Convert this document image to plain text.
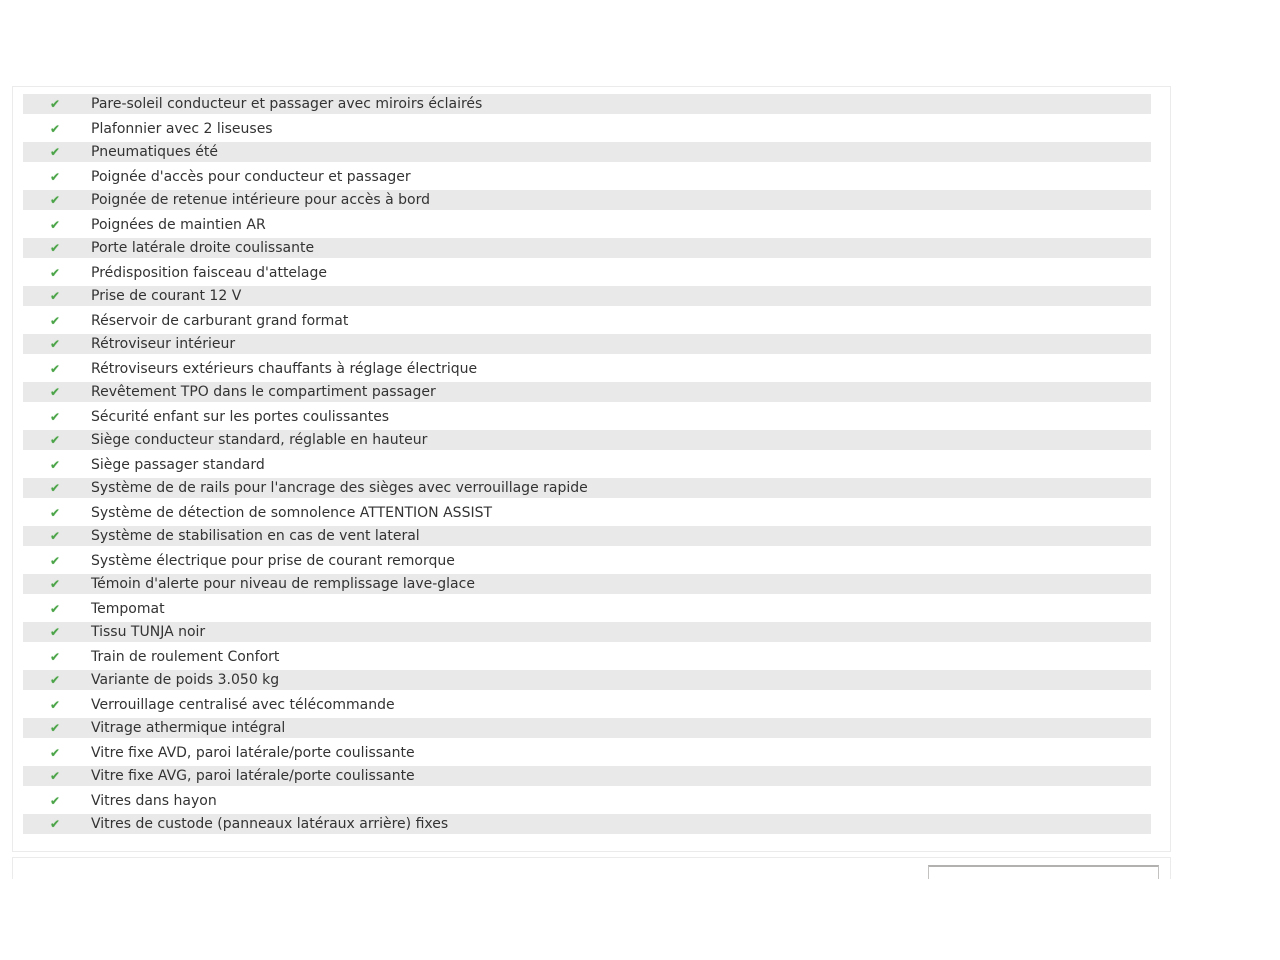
✔ Pare-soleil conducteur et passager avec miroirs éclairés
✔ Plafonnier avec 2 liseuses
✔ Pneumatiques été
✔ Poignée d'accès pour conducteur et passager
✔ Poignée de retenue intérieure pour accès à bord
✔ Poignées de maintien AR
✔ Porte latérale droite coulissante
✔ Prédisposition faisceau d'attelage
✔ Prise de courant 12 V
✔ Réservoir de carburant grand format
✔ Rétroviseur intérieur
✔ Rétroviseurs extérieurs chauffants à réglage électrique
✔ Revêtement TPO dans le compartiment passager
✔ Sécurité enfant sur les portes coulissantes
✔ Siège conducteur standard, réglable en hauteur
✔ Siège passager standard
✔ Système de de rails pour l'ancrage des sièges avec verrouillage rapide
✔ Système de détection de somnolence ATTENTION ASSIST
✔ Système de stabilisation en cas de vent lateral
✔ Système électrique pour prise de courant remorque
✔ Témoin d'alerte pour niveau de remplissage lave-glace
✔ Tempomat
✔ Tissu TUNJA noir
✔ Train de roulement Confort
✔ Variante de poids 3.050 kg
✔ Verrouillage centralisé avec télécommande
✔ Vitrage athermique intégral
✔ Vitre fixe AVD, paroi latérale/porte coulissante
✔ Vitre fixe AVG, paroi latérale/porte coulissante
✔ Vitres dans hayon
✔ Vitres de custode (panneaux latéraux arrière) fixes
